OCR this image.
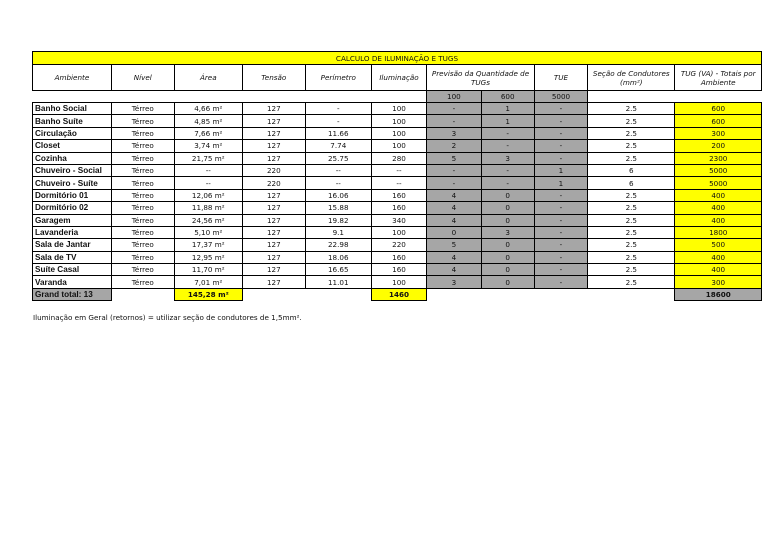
CALCULO DE ILUMINAÇÃO E TUGS										
Ambiente	Nível	Área	Tensão	Perímetro	Iluminação	Previsão da Quantidade de TUGs		TUE	Seção de Condutores (mm²)	TUG (VA) - Totais por Ambiente
						100	600	5000		
Banho Social	Térreo	4,66 m²	127	-	100	-	1	-	2.5	600
Banho Suíte	Térreo	4,85 m²	127	-	100	-	1	-	2.5	600
Circulação	Térreo	7,66 m²	127	11.66	100	3	-	-	2.5	300
Closet	Térreo	3,74 m²	127	7.74	100	2	-	-	2.5	200
Cozinha	Térreo	21,75 m²	127	25.75	280	5	3	-	2.5	2300
Chuveiro - Social	Térreo	--	220	--	--	-	-	1	6	5000
Chuveiro - Suíte	Térreo	--	220	--	--	-	-	1	6	5000
Dormitório 01	Térreo	12,06 m²	127	16.06	160	4	0	-	2.5	400
Dormitório 02	Térreo	11,88 m²	127	15.88	160	4	0	-	2.5	400
Garagem	Térreo	24,56 m²	127	19.82	340	4	0	-	2.5	400
Lavanderia	Térreo	5,10 m²	127	9.1	100	0	3	-	2.5	1800
Sala de Jantar	Térreo	17,37 m²	127	22.98	220	5	0	-	2.5	500
Sala de TV	Térreo	12,95 m²	127	18.06	160	4	0	-	2.5	400
Suíte Casal	Térreo	11,70 m²	127	16.65	160	4	0	-	2.5	400
Varanda	Térreo	7,01 m²	127	11.01	100	3	0	-	2.5	300
Grand total: 13		145,28 m²			1460					18600
Iluminação em Geral (retornos) = utilizar seção de condutores de 1,5mm².
